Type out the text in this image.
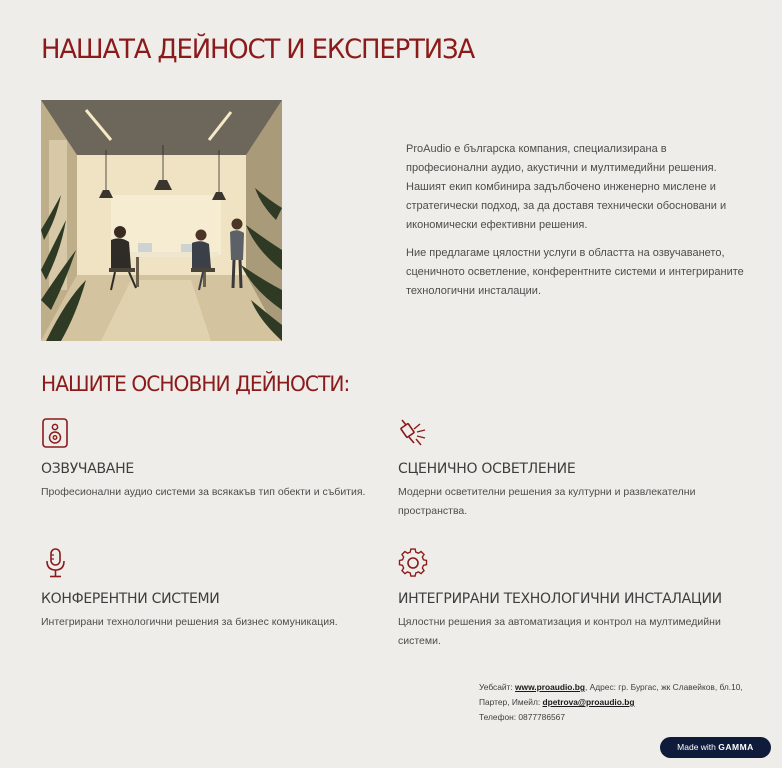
НАШАТА ДЕЙНОСТ И ЕКСПЕРТИЗА

ProAudio е българска компания, специализирана в професионални аудио, акустични и мултимедийни решения. Нашият екип комбинира задълбочено инженерно мислене и стратегически подход, за да доставя технически обосновани и икономически ефективни решения.

Ние предлагаме цялостни услуги в областта на озвучаването, сценичното осветление, конферентните системи и интегрираните технологични инсталации.

НАШИТЕ ОСНОВНИ ДЕЙНОСТИ:
ОЗВУЧАВАНЕ

Професионални аудио системи за всякакъв тип обекти и събития.

СЦЕНИЧНО ОСВЕТЛЕНИЕ

Модерни осветителни решения за културни и развлекателни пространства.

КОНФЕРЕНТНИ СИСТЕМИ

Интегрирани технологични решения за бизнес комуникация.

ИНТЕГРИРАНИ ТЕХНОЛОГИЧНИ ИНСТАЛАЦИИ

Цялостни решения за автоматизация и контрол на мултимедийни системи.

Уебсайт: www.proaudio.bg, Адрес: гр. Бургас, жк Славейков, бл.10, Партер, Имейл: dpetrova@proaudio.bg
Телефон: 0877786567
Made with GAMMA
